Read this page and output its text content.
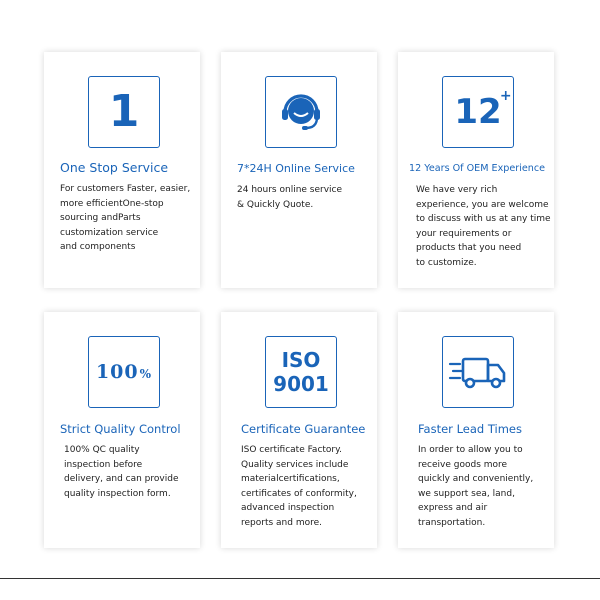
1
One Stop Service
For customers Faster, easier,
more efficientOne-stop
sourcing andParts
customization service
and components
7*24H Online Service
24 hours online service
& Quickly Quote.
12
+
12 Years Of OEM Experience
We have very rich
experience, you are welcome
to discuss with us at any time
your requirements or
products that you need
to customize.
100%
Strict Quality Control
100% QC quality
inspection before
delivery, and can provide
quality inspection form.
ISO
9001
Certificate Guarantee
ISO certificate Factory.
Quality services include
materialcertifications,
certificates of conformity,
advanced inspection
reports and more.
Faster Lead Times
In order to allow you to
receive goods more
quickly and conveniently,
we support sea, land,
express and air
transportation.
